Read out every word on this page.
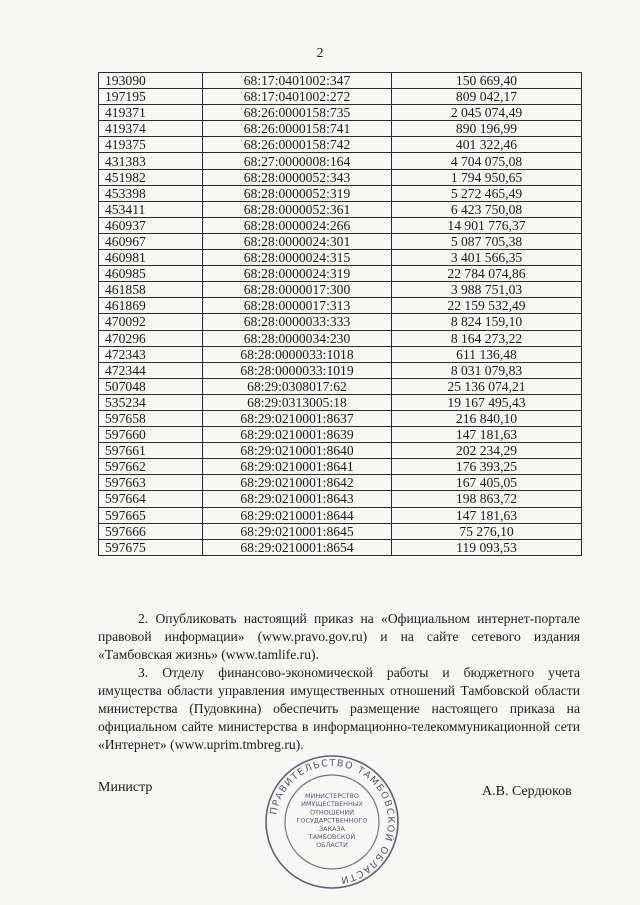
2
193090	68:17:0401002:347	150 669,40
197195	68:17:0401002:272	809 042,17
419371	68:26:0000158:735	2 045 074,49
419374	68:26:0000158:741	890 196,99
419375	68:26:0000158:742	401 322,46
431383	68:27:0000008:164	4 704 075,08
451982	68:28:0000052:343	1 794 950,65
453398	68:28:0000052:319	5 272 465,49
453411	68:28:0000052:361	6 423 750,08
460937	68:28:0000024:266	14 901 776,37
460967	68:28:0000024:301	5 087 705,38
460981	68:28:0000024:315	3 401 566,35
460985	68:28:0000024:319	22 784 074,86
461858	68:28:0000017:300	3 988 751,03
461869	68:28:0000017:313	22 159 532,49
470092	68:28:0000033:333	8 824 159,10
470296	68:28:0000034:230	8 164 273,22
472343	68:28:0000033:1018	611 136,48
472344	68:28:0000033:1019	8 031 079,83
507048	68:29:0308017:62	25 136 074,21
535234	68:29:0313005:18	19 167 495,43
597658	68:29:0210001:8637	216 840,10
597660	68:29:0210001:8639	147 181,63
597661	68:29:0210001:8640	202 234,29
597662	68:29:0210001:8641	176 393,25
597663	68:29:0210001:8642	167 405,05
597664	68:29:0210001:8643	198 863,72
597665	68:29:0210001:8644	147 181,63
597666	68:29:0210001:8645	75 276,10
597675	68:29:0210001:8654	119 093,53
2. Опубликовать настоящий приказ на «Официальном интернет-портале правовой информации» (www.pravo.gov.ru) и на сайте сетевого издания «Тамбовская жизнь» (www.tamlife.ru).
3. Отделу финансово-экономической работы и бюджетного учета имущества области управления имущественных отношений Тамбовской области министерства (Пудовкина) обеспечить размещение настоящего приказа на официальном сайте министерства в информационно-телекоммуникационной сети «Интернет» (www.uprim.tmbreg.ru).
Министр
ПРАВИТЕЛЬСТВО ТАМБОВСКОЙ ОБЛАСТИ
МИНИСТЕРСТВО
ИМУЩЕСТВЕННЫХ
ОТНОШЕНИЙ
ГОСУДАРСТВЕННОГО
ЗАКАЗА
ТАМБОВСКОЙ
ОБЛАСТИ
А.В. Сердюков
